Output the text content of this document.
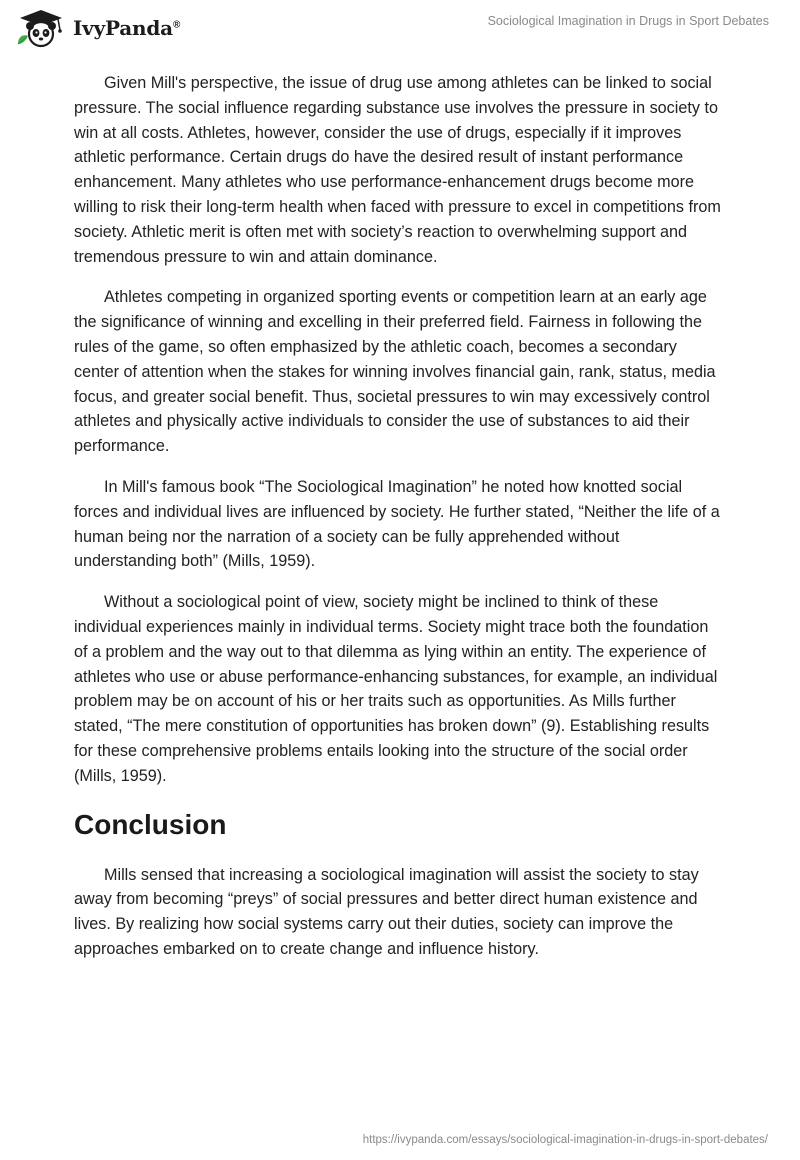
IvyPanda®	Sociological Imagination in Drugs in Sport Debates

Given Mill's perspective, the issue of drug use among athletes can be linked to social pressure. The social influence regarding substance use involves the pressure in society to win at all costs. Athletes, however, consider the use of drugs, especially if it improves athletic performance. Certain drugs do have the desired result of instant performance enhancement. Many athletes who use performance-enhancement drugs become more willing to risk their long-term health when faced with pressure to excel in competitions from society. Athletic merit is often met with society’s reaction to overwhelming support and tremendous pressure to win and attain dominance.

Athletes competing in organized sporting events or competition learn at an early age the significance of winning and excelling in their preferred field. Fairness in following the rules of the game, so often emphasized by the athletic coach, becomes a secondary center of attention when the stakes for winning involves financial gain, rank, status, media focus, and greater social benefit. Thus, societal pressures to win may excessively control athletes and physically active individuals to consider the use of substances to aid their performance.

In Mill's famous book “The Sociological Imagination” he noted how knotted social forces and individual lives are influenced by society. He further stated, “Neither the life of a human being nor the narration of a society can be fully apprehended without understanding both” (Mills, 1959).

Without a sociological point of view, society might be inclined to think of these individual experiences mainly in individual terms. Society might trace both the foundation of a problem and the way out to that dilemma as lying within an entity. The experience of athletes who use or abuse performance-enhancing substances, for example, an individual problem may be on account of his or her traits such as opportunities. As Mills further stated, “The mere constitution of opportunities has broken down” (9). Establishing results for these comprehensive problems entails looking into the structure of the social order (Mills, 1959).

Conclusion

Mills sensed that increasing a sociological imagination will assist the society to stay away from becoming “preys” of social pressures and better direct human existence and lives. By realizing how social systems carry out their duties, society can improve the approaches embarked on to create change and influence history.

https://ivypanda.com/essays/sociological-imagination-in-drugs-in-sport-debates/
